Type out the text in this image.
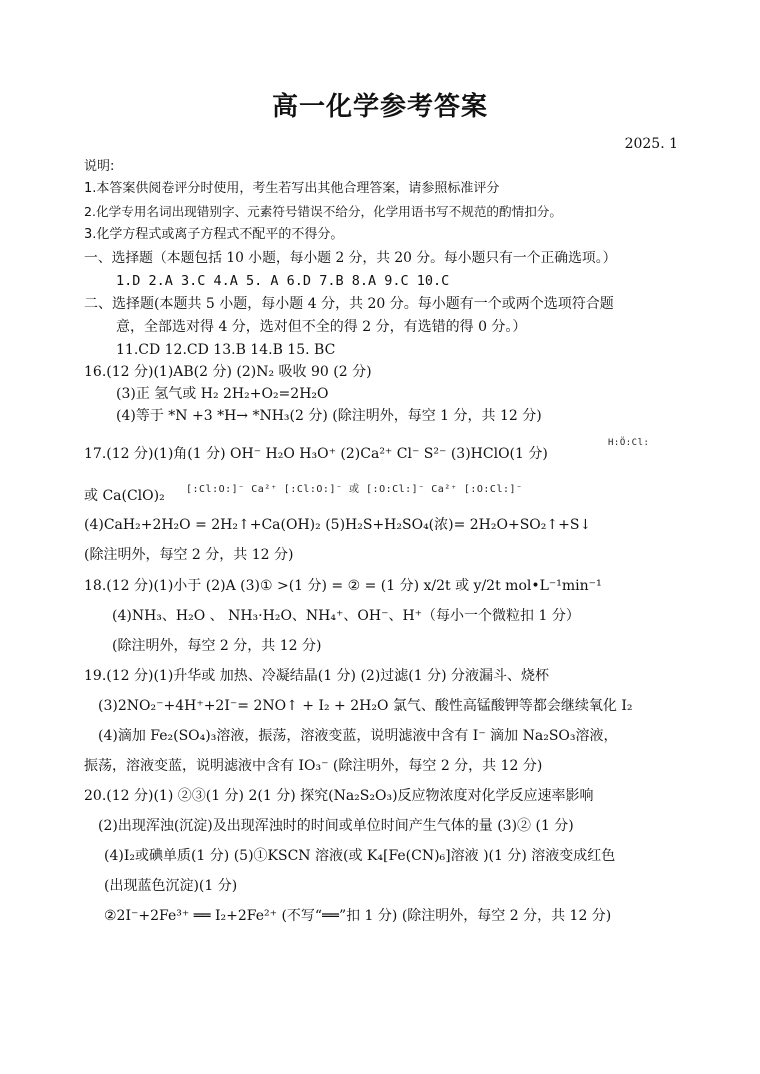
高一化学参考答案
2025. 1
说明:
1.本答案供阅卷评分时使用，考生若写出其他合理答案，请参照标准评分
2.化学专用名词出现错别字、元素符号错误不给分，化学用语书写不规范的酌情扣分。
3.化学方程式或离子方程式不配平的不得分。
一、选择题（本题包括 10 小题，每小题 2 分，共 20 分。每小题只有一个正确选项。）
1.D 2.A 3.C 4.A 5. A 6.D 7.B 8.A 9.C 10.C
二、选择题(本题共 5 小题，每小题 4 分，共 20 分。每小题有一个或两个选项符合题
意，全部选对得 4 分，选对但不全的得 2 分，有选错的得 0 分。）
11.CD 12.CD 13.B 14.B 15. BC
16.(12 分)(1)AB(2 分) (2)N₂ 吸收 90 (2 分)
(3)正 氢气或 H₂ 2H₂+O₂=2H₂O
(4)等于 *N +3 *H→ *NH₃(2 分) (除注明外，每空 1 分，共 12 分)
17.(12 分)(1)角(1 分) OH⁻ H₂O H₃O⁺ (2)Ca²⁺ Cl⁻ S²⁻ (3)HClO(1 分)
H:Ö:Cl:
或 Ca(ClO)₂ [:Cl:O:]⁻ Ca²⁺ [:Cl:O:]⁻ 或 [:O:Cl:]⁻ Ca²⁺ [:O:Cl:]⁻
(4)CaH₂+2H₂O = 2H₂↑+Ca(OH)₂ (5)H₂S+H₂SO₄(浓)= 2H₂O+SO₂↑+S↓
(除注明外，每空 2 分，共 12 分)
18.(12 分)(1)小于 (2)A (3)① >(1 分) = ② = (1 分) x/2t 或 y/2t mol•L⁻¹min⁻¹
(4)NH₃、H₂O 、 NH₃·H₂O、NH₄⁺、OH⁻、H⁺（每小一个微粒扣 1 分）
(除注明外，每空 2 分，共 12 分)
19.(12 分)(1)升华或 加热、冷凝结晶(1 分) (2)过滤(1 分) 分液漏斗、烧杯
(3)2NO₂⁻+4H⁺+2I⁻= 2NO↑ + I₂ + 2H₂O 氯气、酸性高锰酸钾等都会继续氧化 I₂
(4)滴加 Fe₂(SO₄)₃溶液，振荡，溶液变蓝，说明滤液中含有 I⁻ 滴加 Na₂SO₃溶液，
振荡，溶液变蓝，说明滤液中含有 IO₃⁻ (除注明外，每空 2 分，共 12 分)
20.(12 分)(1) ②③(1 分) 2(1 分) 探究(Na₂S₂O₃)反应物浓度对化学反应速率影响
(2)出现浑浊(沉淀)及出现浑浊时的时间或单位时间产生气体的量 (3)② (1 分)
(4)I₂或碘单质(1 分) (5)①KSCN 溶液(或 K₄[Fe(CN)₆]溶液 )(1 分) 溶液变成红色
(出现蓝色沉淀)(1 分)
②2I⁻+2Fe³⁺ ══ I₂+2Fe²⁺ (不写“══”扣 1 分) (除注明外，每空 2 分，共 12 分)
